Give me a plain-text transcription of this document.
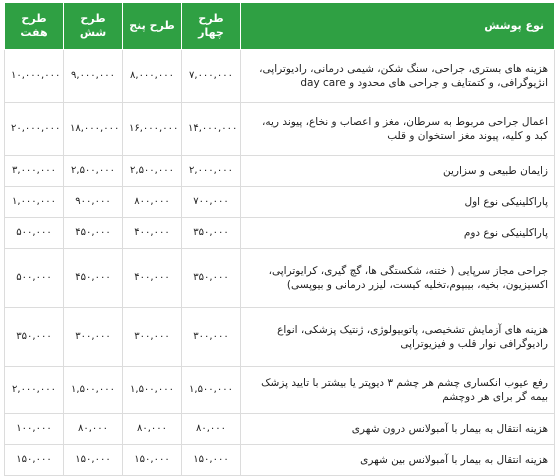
نوع پوشش	طرح چهار	طرح پنج	طرح شش	طرح هفت
هزینه های بستری، جراحی، سنگ شکن، شیمی درمانی، رادیوتراپی، انژیوگرافی، و کتمتایف و جراحی های محدود و day care	۷,۰۰۰,۰۰۰	۸,۰۰۰,۰۰۰	۹,۰۰۰,۰۰۰	۱۰,۰۰۰,۰۰۰
اعمال جراحی مربوط به سرطان، مغز و اعصاب و نخاع، پیوند ریه، کبد و کلیه، پیوند مغز استخوان و قلب	۱۴,۰۰۰,۰۰۰	۱۶,۰۰۰,۰۰۰	۱۸,۰۰۰,۰۰۰	۲۰,۰۰۰,۰۰۰
زایمان طبیعی و سزارین	۲,۰۰۰,۰۰۰	۲,۵۰۰,۰۰۰	۲,۵۰۰,۰۰۰	۳,۰۰۰,۰۰۰
پاراکلینیکی نوع اول	۷۰۰,۰۰۰	۸۰۰,۰۰۰	۹۰۰,۰۰۰	۱,۰۰۰,۰۰۰
پاراکلینیکی نوع دوم	۳۵۰,۰۰۰	۴۰۰,۰۰۰	۴۵۰,۰۰۰	۵۰۰,۰۰۰
جراحی مجاز سرپایی ( ختنه، شکستگی ها، گچ گیری، کرایوتراپی، اکسیزیون، بخیه، بیبپوم،تخلیه کیست، لیزر درمانی و بیوپسی)	۳۵۰,۰۰۰	۴۰۰,۰۰۰	۴۵۰,۰۰۰	۵۰۰,۰۰۰
هزینه های آزمایش تشخیصی، پاتوبیولوژی، ژنتیک پزشکی، انواع رادیوگرافی نوار قلب و فیزیوتراپی	۳۰۰,۰۰۰	۳۰۰,۰۰۰	۳۰۰,۰۰۰	۳۵۰,۰۰۰
رفع عیوب انکساری چشم هر چشم ۳ دیوپتر یا بیشتر با تایید پزشک بیمه گر برای هر دوچشم	۱,۵۰۰,۰۰۰	۱,۵۰۰,۰۰۰	۱,۵۰۰,۰۰۰	۲,۰۰۰,۰۰۰
هزینه انتقال به بیمار با آمبولانس درون شهری	۸۰,۰۰۰	۸۰,۰۰۰	۸۰,۰۰۰	۱۰۰,۰۰۰
هزینه انتقال به بیمار با آمبولانس بین شهری	۱۵۰,۰۰۰	۱۵۰,۰۰۰	۱۵۰,۰۰۰	۱۵۰,۰۰۰
